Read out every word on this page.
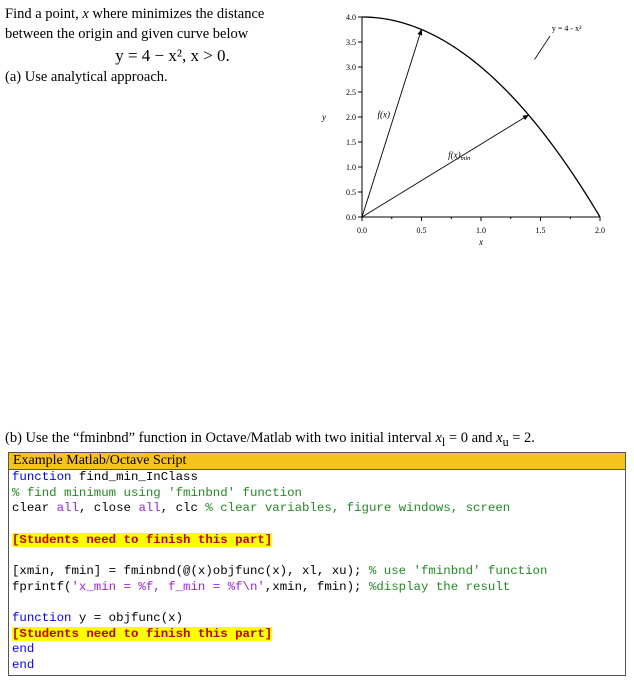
Find a point, x where minimizes the distance
between the origin and given curve below
y = 4 − x², x > 0.
(a) Use analytical approach.
0.0	0.5	1.0	1.5	2.0
0.0
0.5
1.0
1.5
2.0
2.5
3.0
3.5
4.0
x
y
y = 4 - x²
f(x)
$f(x)_{min}$
(b) Use the “fminbnd” function in Octave/Matlab with two initial interval $x_l = 0$ and $x_u = 2$.
Example Matlab/Octave Script
function find_min_InClass
% find minimum using 'fminbnd' function
clear all, close all, clc % clear variables, figure windows, screen
[Students need to finish this part]
[xmin, fmin] = fminbnd(@(x)objfunc(x), xl, xu); % use 'fminbnd' function
fprintf('x_min = %f, f_min = %f\n',xmin, fmin); %display the result
function y = objfunc(x)
[Students need to finish this part]
end
end
